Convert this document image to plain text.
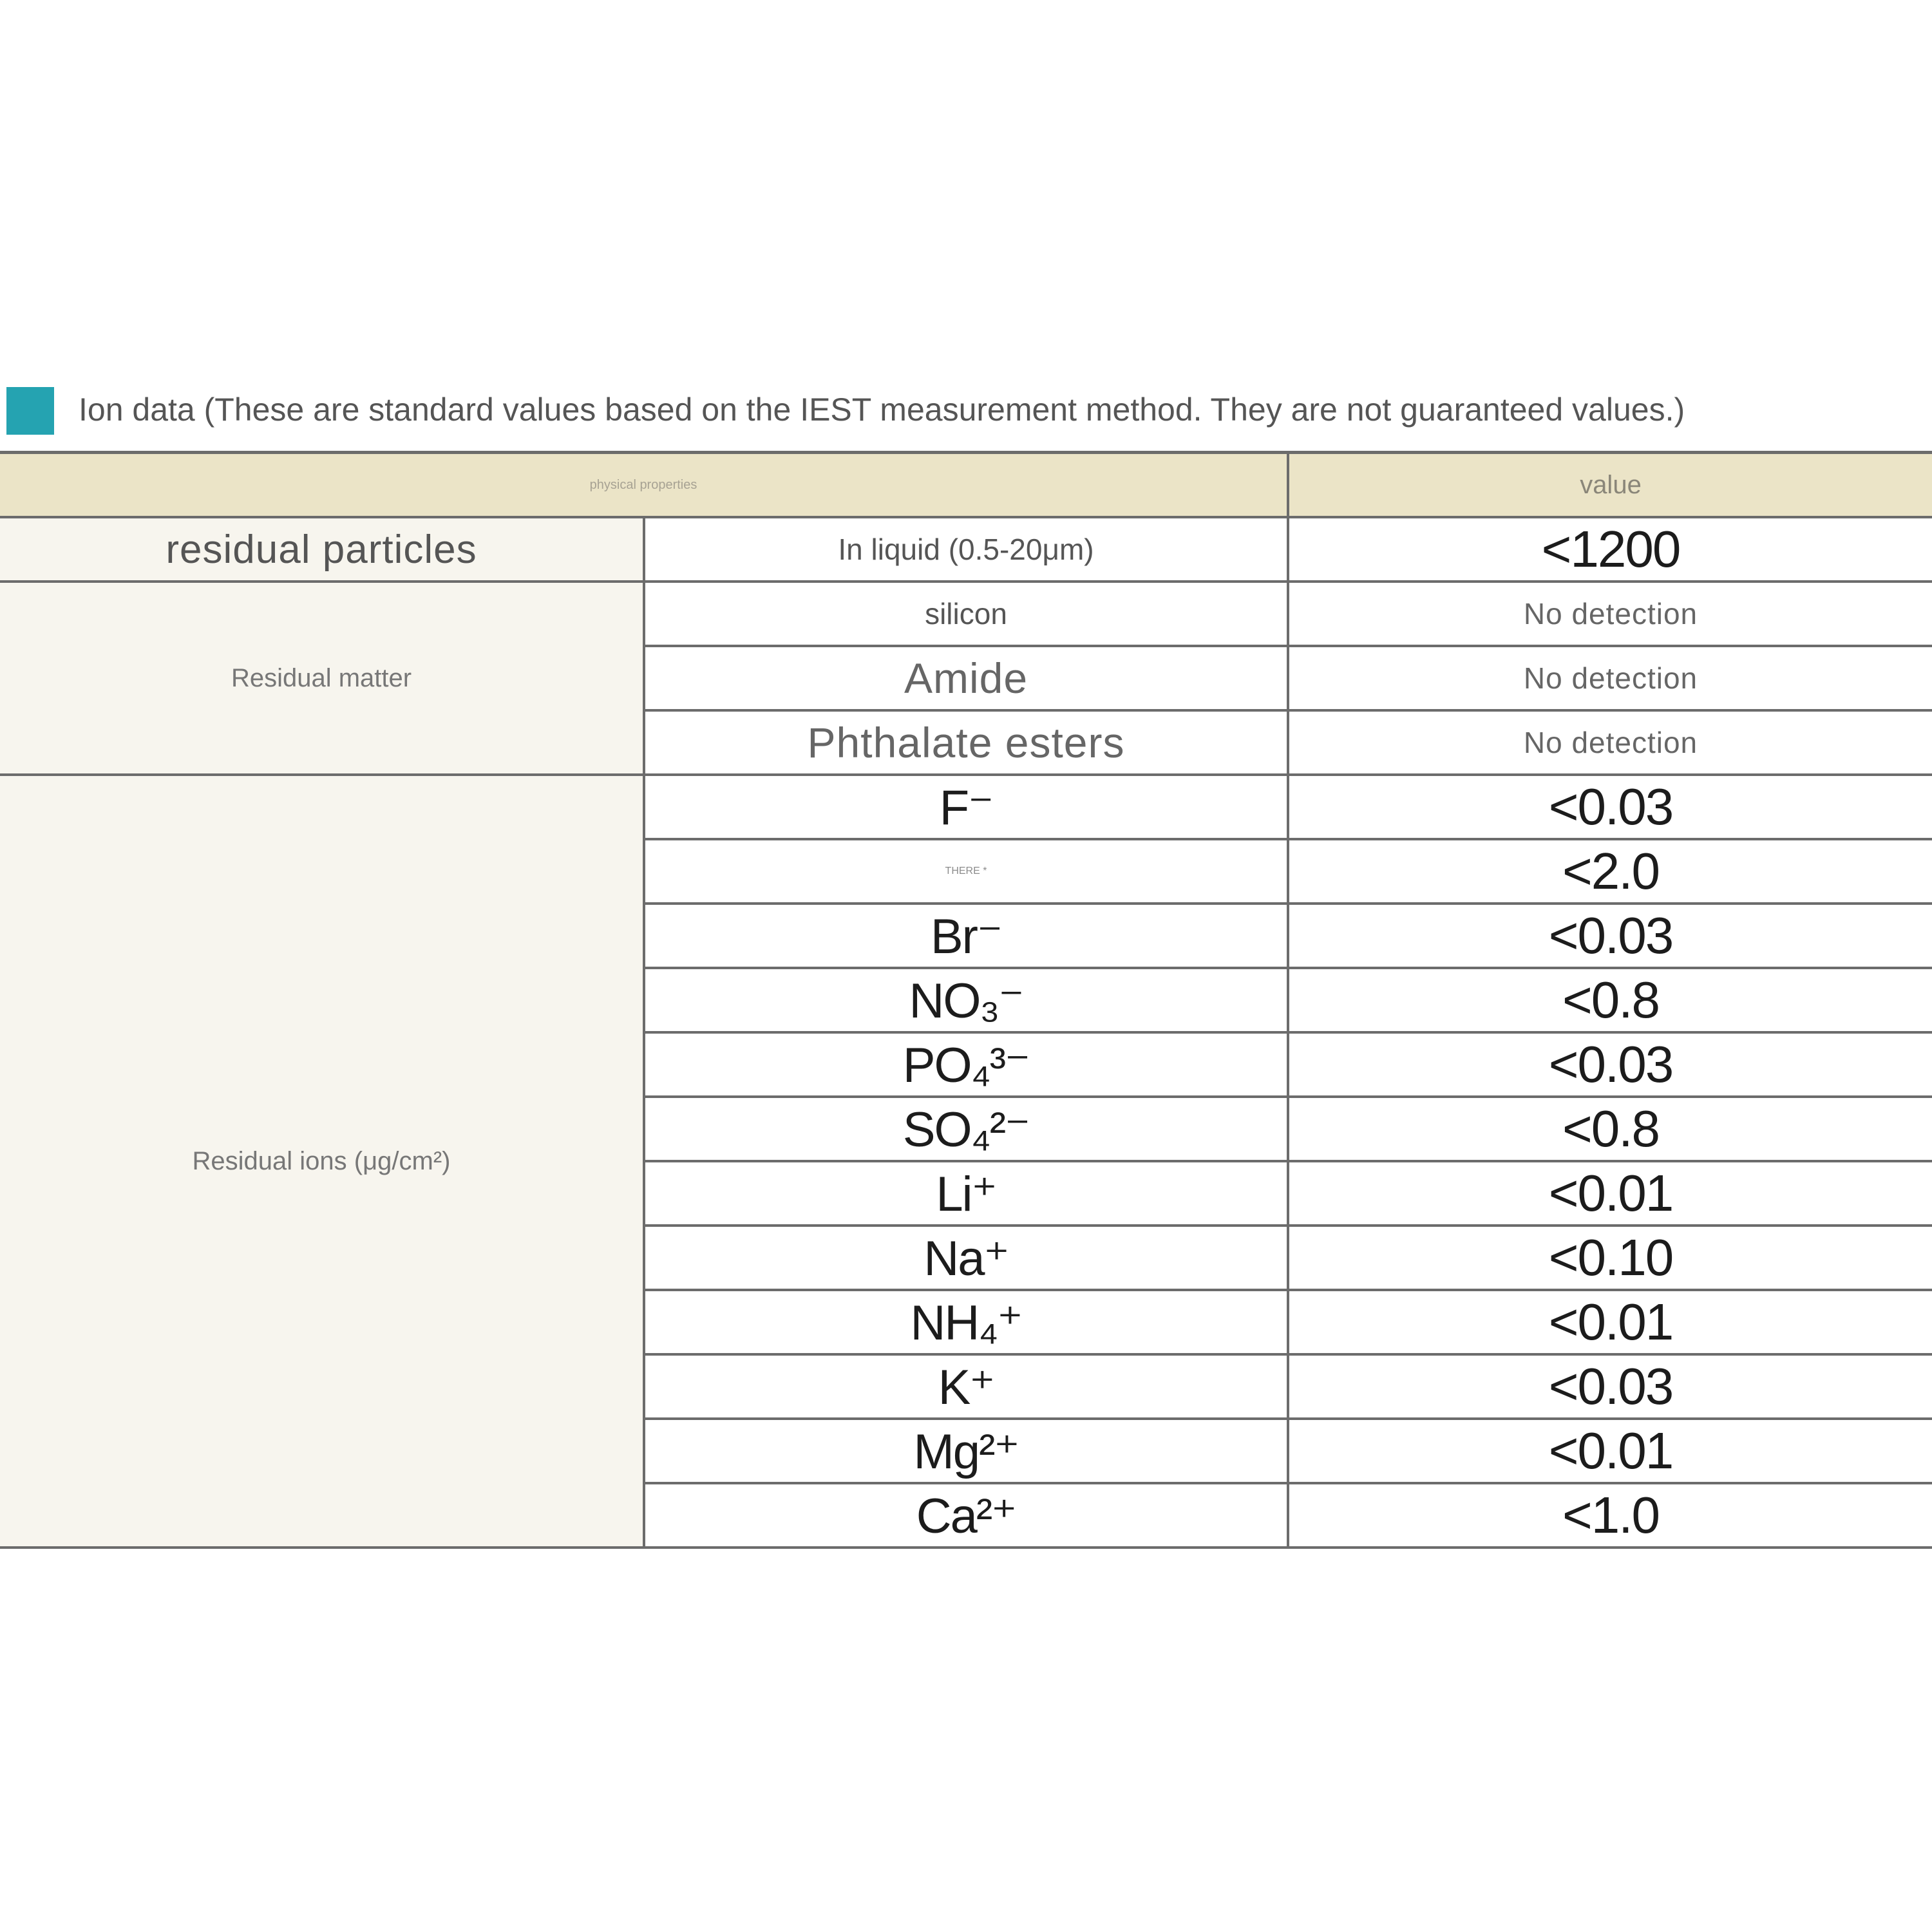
Ion data (These are standard values based on the IEST measurement method. They are not guaranteed values.)
physical properties		value
residual particles	In liquid (0.5-20μm)	<1200
Residual matter	silicon	No detection
	Amide	No detection
	Phthalate esters	No detection
Residual ions (μg/cm²)	F⁻	<0.03
	THERE *	<2.0
	Br⁻	<0.03
	NO₃⁻	<0.8
	PO₄³⁻	<0.03
	SO₄²⁻	<0.8
	Li⁺	<0.01
	Na⁺	<0.10
	NH₄⁺	<0.01
	K⁺	<0.03
	Mg²⁺	<0.01
	Ca²⁺	<1.0
